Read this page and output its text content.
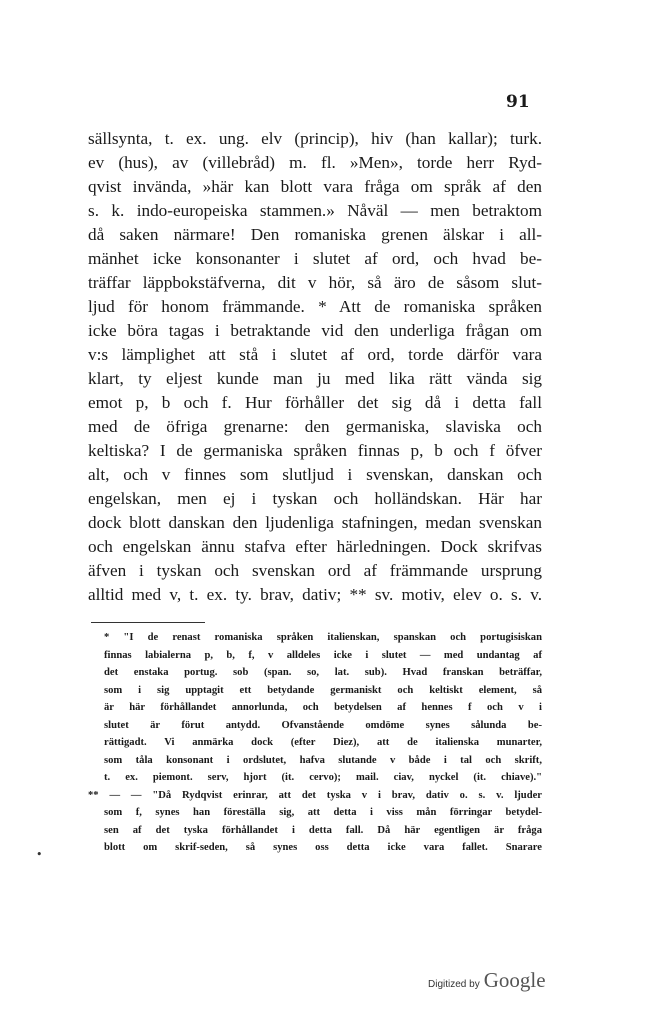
91
sällsynta, t. ex. ung. elv (princip), hiv (han kallar); turk.
ev (hus), av (villebråd) m. fl. »Men», torde herr Ryd-
qvist invända, »här kan blott vara fråga om språk af den
s. k. indo-europeiska stammen.» Nåväl — men betraktom
då saken närmare! Den romaniska grenen älskar i all-
mänhet icke konsonanter i slutet af ord, och hvad be-
träffar läppbokstäfverna, dit v hör, så äro de såsom slut-
ljud för honom främmande. * Att de romaniska språken
icke böra tagas i betraktande vid den underliga frågan om
v:s lämplighet att stå i slutet af ord, torde därför vara
klart, ty eljest kunde man ju med lika rätt vända sig
emot p, b och f. Hur förhåller det sig då i detta fall
med de öfriga grenarne: den germaniska, slaviska och
keltiska? I de germaniska språken finnas p, b och f öfver
alt, och v finnes som slutljud i svenskan, danskan och
engelskan, men ej i tyskan och holländskan. Här har
dock blott danskan den ljudenliga stafningen, medan svenskan
och engelskan ännu stafva efter härledningen. Dock skrifvas
äfven i tyskan och svenskan ord af främmande ursprung
alltid med v, t. ex. ty. brav, dativ; ** sv. motiv, elev o. s. v.
* "I de renast romaniska språken italienskan, spanskan och portugisiskan
finnas labialerna p, b, f, v alldeles icke i slutet — med undantag af
det enstaka portug. sob (span. so, lat. sub). Hvad franskan beträffar,
som i sig upptagit ett betydande germaniskt och keltiskt element, så
är här förhållandet annorlunda, och betydelsen af hennes f och v i
slutet är förut antydd. Ofvanstående omdöme synes sålunda be-
rättigadt. Vi anmärka dock (efter Diez), att de italienska munarter,
som tåla konsonant i ordslutet, hafva slutande v både i tal och skrift,
t. ex. piemont. serv, hjort (it. cervo); mail. ciav, nyckel (it. chiave)."
** — — "Då Rydqvist erinrar, att det tyska v i brav, dativ o. s. v. ljuder
som f, synes han föreställa sig, att detta i viss mån förringar betydel-
sen af det tyska förhållandet i detta fall. Då här egentligen är fråga
blott om skrif-seden, så synes oss detta icke vara fallet. Snarare
•
Digitized by Google
